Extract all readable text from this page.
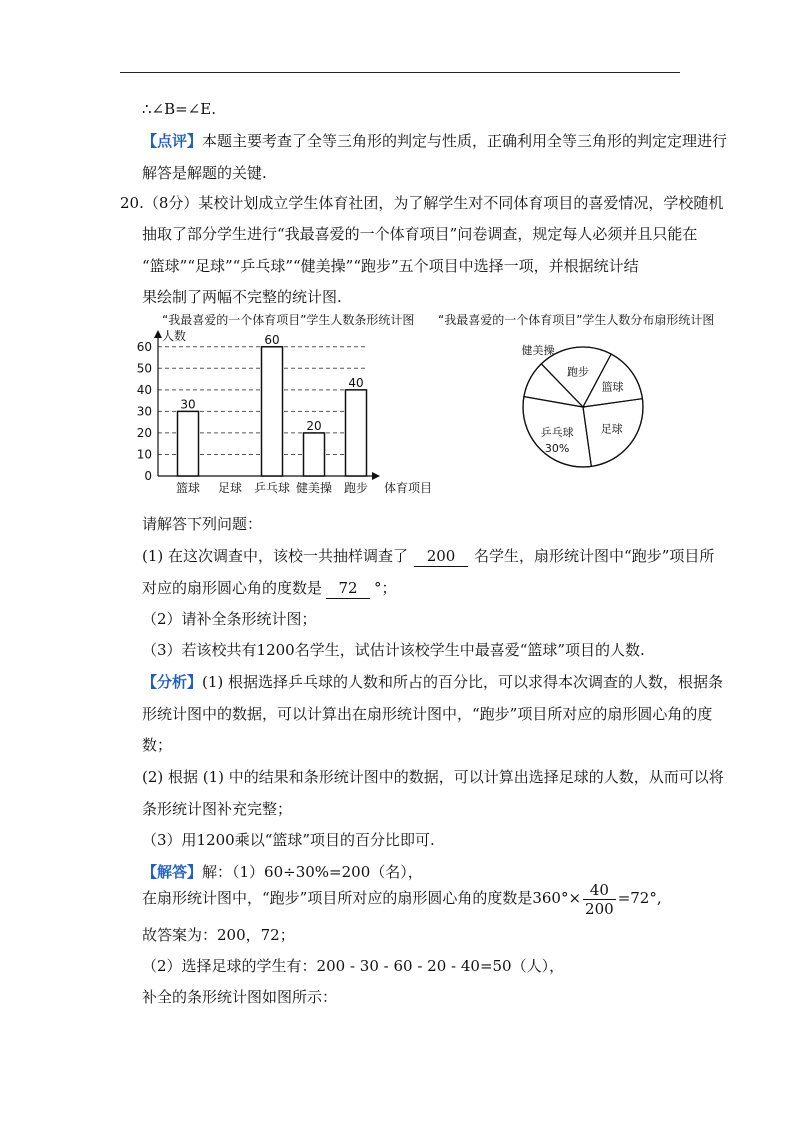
∴∠B=∠E.
【点评】本题主要考查了全等三角形的判定与性质，正确利用全等三角形的判定定理进行
解答是解题的关键.
20.（8分）某校计划成立学生体育社团，为了解学生对不同体育项目的喜爱情况，学校随机
抽取了部分学生进行“我最喜爱的一个体育项目”问卷调查，规定每人必须并且只能在
“篮球”“足球”“乒乓球”“健美操”“跑步”五个项目中选择一项，并根据统计结
果绘制了两幅不完整的统计图.
“我最喜爱的一个体育项目”学生人数条形统计图
0
10
20
30
40
50
60
人数
体育项目
30
篮球 足球
60
乒乓球
20
健美操
40
跑步
“我最喜爱的一个体育项目”学生人数分布扇形统计图
健美操
跑步
篮球
足球
乒乓球
30%
请解答下列问题：
(1) 在这次调查中，该校一共抽样调查了 200 名学生，扇形统计图中“跑步”项目所
对应的扇形圆心角的度数是 72 °；
（2）请补全条形统计图；
（3）若该校共有1200名学生，试估计该校学生中最喜爱“篮球”项目的人数.
【分析】(1) 根据选择乒乓球的人数和所占的百分比，可以求得本次调查的人数，根据条
形统计图中的数据，可以计算出在扇形统计图中，“跑步”项目所对应的扇形圆心角的度
数；
(2) 根据 (1) 中的结果和条形统计图中的数据，可以计算出选择足球的人数，从而可以将
条形统计图补充完整；
（3）用1200乘以“篮球”项目的百分比即可.
【解答】解：（1）60÷30%=200（名），
在扇形统计图中，“跑步”项目所对应的扇形圆心角的度数是$360^\circ\times \frac{40}{200} =72^\circ$,
故答案为：200，72；
（2）选择足球的学生有：200 - 30 - 60 - 20 - 40=50（人），
补全的条形统计图如图所示：
